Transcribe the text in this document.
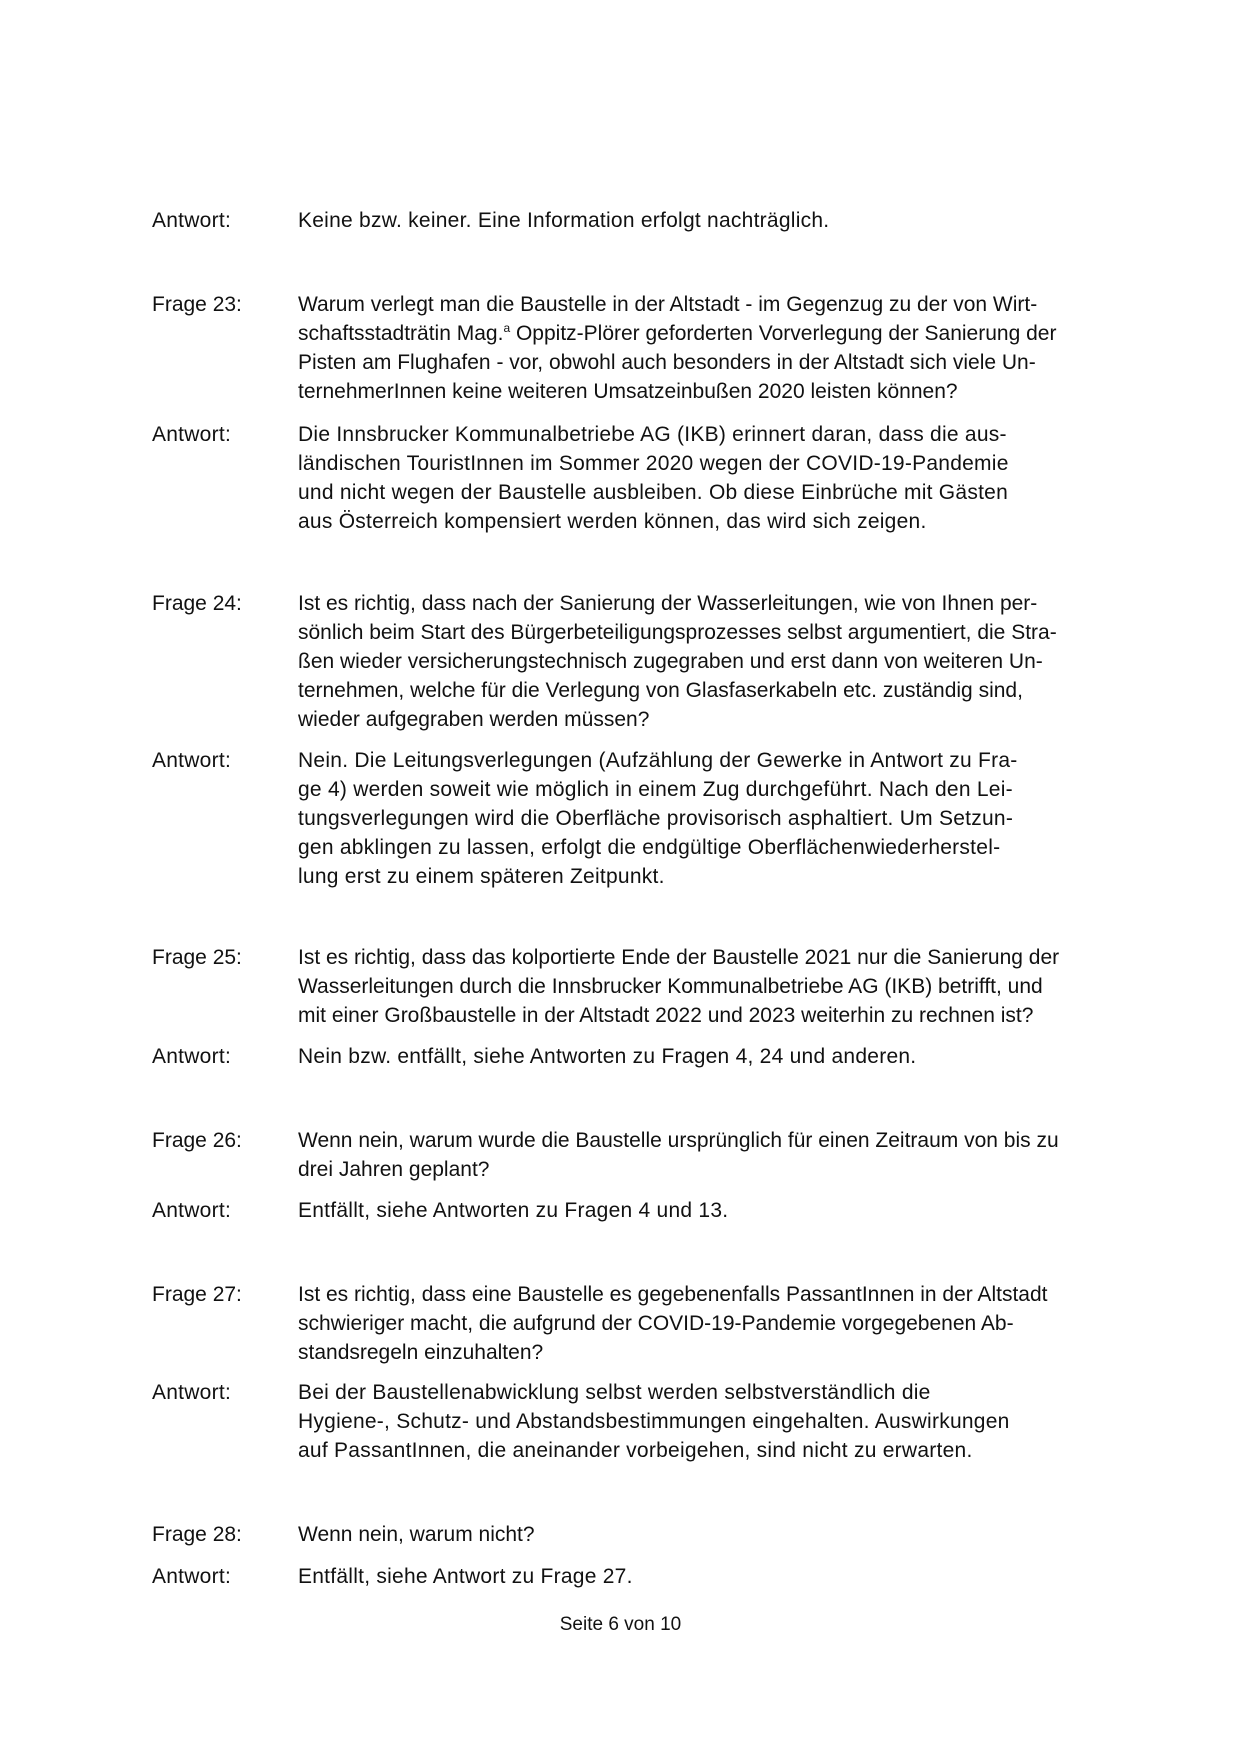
Antwort:	Keine bzw. keiner. Eine Information erfolgt nachträglich.
Frage 23:	Warum verlegt man die Baustelle in der Altstadt - im Gegenzug zu der von Wirt-
schaftsstadträtin Mag.$^a$ Oppitz-Plörer geforderten Vorverlegung der Sanierung der
Pisten am Flughafen - vor, obwohl auch besonders in der Altstadt sich viele Un-
ternehmerInnen keine weiteren Umsatzeinbußen 2020 leisten können?
Antwort:	Die Innsbrucker Kommunalbetriebe AG (IKB) erinnert daran, dass die aus-
ländischen TouristInnen im Sommer 2020 wegen der COVID-19-Pandemie
und nicht wegen der Baustelle ausbleiben. Ob diese Einbrüche mit Gästen
aus Österreich kompensiert werden können, das wird sich zeigen.
Frage 24:	Ist es richtig, dass nach der Sanierung der Wasserleitungen, wie von Ihnen per-
sönlich beim Start des Bürgerbeteiligungsprozesses selbst argumentiert, die Stra-
ßen wieder versicherungstechnisch zugegraben und erst dann von weiteren Un-
ternehmen, welche für die Verlegung von Glasfaserkabeln etc. zuständig sind,
wieder aufgegraben werden müssen?
Antwort:	Nein. Die Leitungsverlegungen (Aufzählung der Gewerke in Antwort zu Fra-
ge 4) werden soweit wie möglich in einem Zug durchgeführt. Nach den Lei-
tungsverlegungen wird die Oberfläche provisorisch asphaltiert. Um Setzun-
gen abklingen zu lassen, erfolgt die endgültige Oberflächenwiederherstel-
lung erst zu einem späteren Zeitpunkt.
Frage 25:	Ist es richtig, dass das kolportierte Ende der Baustelle 2021 nur die Sanierung der
Wasserleitungen durch die Innsbrucker Kommunalbetriebe AG (IKB) betrifft, und
mit einer Großbaustelle in der Altstadt 2022 und 2023 weiterhin zu rechnen ist?
Antwort:	Nein bzw. entfällt, siehe Antworten zu Fragen 4, 24 und anderen.
Frage 26:	Wenn nein, warum wurde die Baustelle ursprünglich für einen Zeitraum von bis zu
drei Jahren geplant?
Antwort:	Entfällt, siehe Antworten zu Fragen 4 und 13.
Frage 27:	Ist es richtig, dass eine Baustelle es gegebenenfalls PassantInnen in der Altstadt
schwieriger macht, die aufgrund der COVID-19-Pandemie vorgegebenen Ab-
standsregeln einzuhalten?
Antwort:	Bei der Baustellenabwicklung selbst werden selbstverständlich die
Hygiene-, Schutz- und Abstandsbestimmungen eingehalten. Auswirkungen
auf PassantInnen, die aneinander vorbeigehen, sind nicht zu erwarten.
Frage 28:	Wenn nein, warum nicht?
Antwort:	Entfällt, siehe Antwort zu Frage 27.
Seite 6 von 10
